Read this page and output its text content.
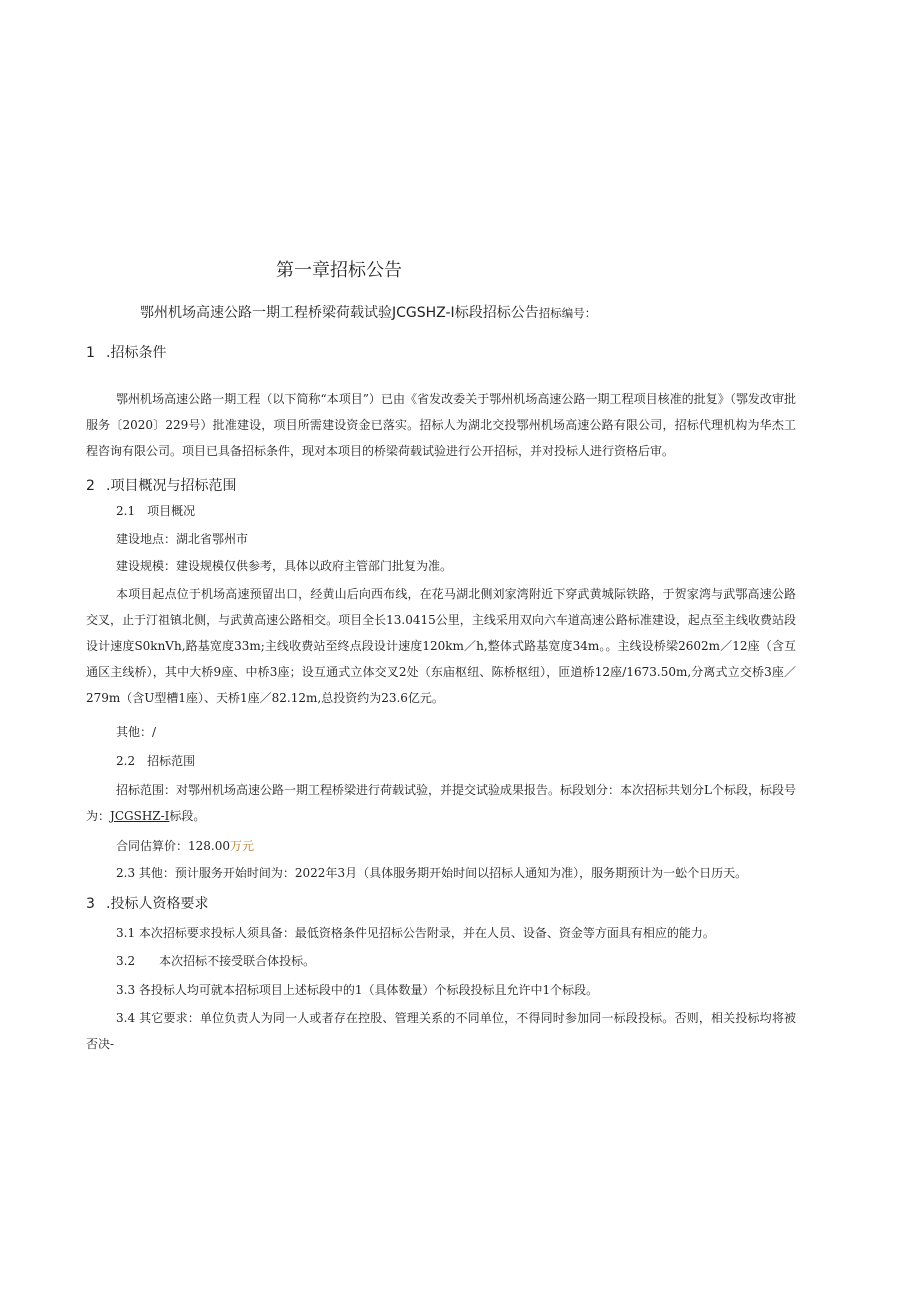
第一章招标公告
鄂州机场高速公路一期工程桥梁荷载试验JCGSHZ-I标段招标公告招标编号：
1 .招标条件
鄂州机场高速公路一期工程（以下简称“本项目”）已由《省发改委关于鄂州机场高速公路一期工程项目核准的批复》（鄂发改审批服务〔2020〕229号）批准建设，项目所需建设资金已落实。招标人为湖北交投鄂州机场高速公路有限公司，招标代理机构为华杰工程咨询有限公司。项目已具备招标条件，现对本项目的桥梁荷载试验进行公开招标，并对投标人进行资格后审。
2 .项目概况与招标范围
2.1　项目概况
建设地点：湖北省鄂州市
建设规模：建设规模仅供参考，具体以政府主管部门批复为准。
本项目起点位于机场高速预留出口，经黄山后向西布线，在花马湖北侧刘家湾附近下穿武黄城际铁路，于贺家湾与武鄂高速公路交叉，止于汀祖镇北侧，与武黄高速公路相交。项目全长13.0415公里，主线采用双向六车道高速公路标准建设，起点至主线收费站段设计速度S0knVh,路基宽度33m;主线收费站至终点段设计速度120km／h,整体式路基宽度34m。。主线设桥梁2602m／12座（含互通区主线桥），其中大桥9座、中桥3座；设互通式立体交叉2处（东庙枢纽、陈桥枢纽），匝道桥12座/1673.50m,分离式立交桥3座／279m（含U型槽1座）、天桥1座／82.12m,总投资约为23.6亿元。
其他：/
2.2　招标范围
招标范围：对鄂州机场高速公路一期工程桥梁进行荷载试验，并提交试验成果报告。标段划分：本次招标共划分L个标段，标段号为：JCGSHZ-I标段。
合同估算价：128.00万元
2.3 其他：预计服务开始时间为：2022年3月（具体服务期开始时间以招标人通知为准），服务期预计为一蚣个日历天。
3 .投标人资格要求
3.1 本次招标要求投标人须具备：最低资格条件见招标公告附录，并在人员、设备、资金等方面具有相应的能力。
3.2　　本次招标不接受联合体投标。
3.3 各投标人均可就本招标项目上述标段中的1（具体数量）个标段投标且允许中1个标段。
3.4 其它要求：单位负责人为同一人或者存在控股、管理关系的不同单位，不得同时参加同一标段投标。否则，相关投标均将被否决-
